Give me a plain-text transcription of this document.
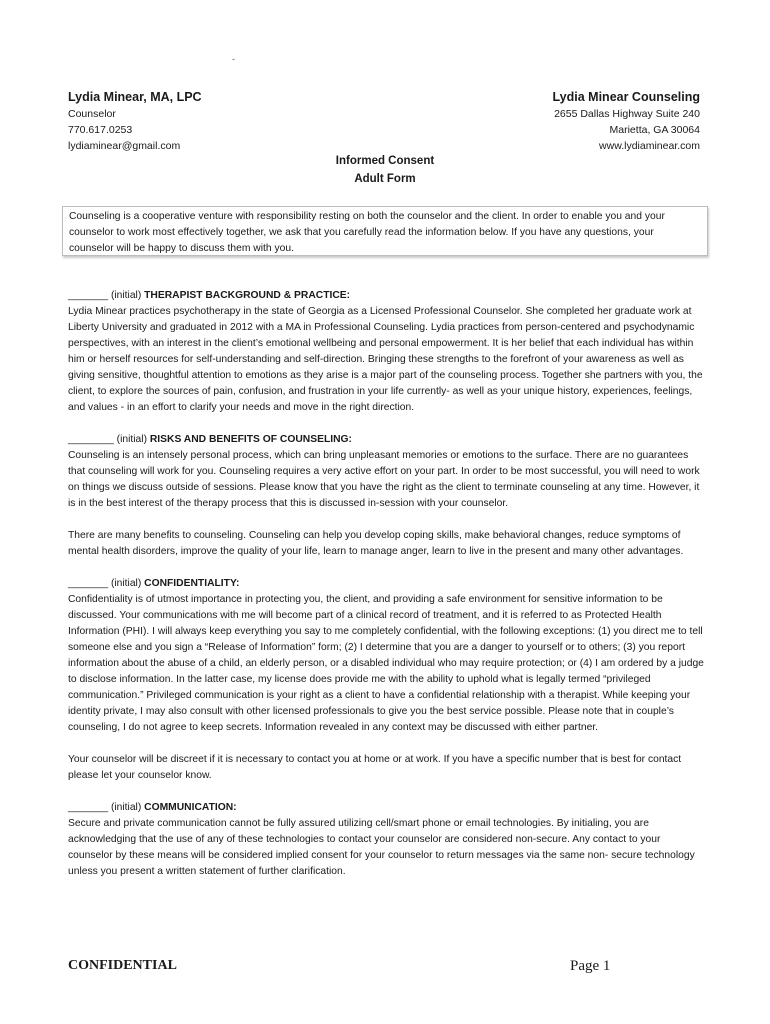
-
Lydia Minear, MA, LPC
Counselor
770.617.0253
lydiaminear@gmail.com
Lydia Minear Counseling
2655 Dallas Highway Suite 240
Marietta, GA 30064
www.lydiaminear.com
Informed Consent
Adult Form
Counseling is a cooperative venture with responsibility resting on both the counselor and the client. In order to enable you and your counselor to work most effectively together, we ask that you carefully read the information below. If you have any questions, your counselor will be happy to discuss them with you.
_______ (initial) THERAPIST BACKGROUND & PRACTICE:

Lydia Minear practices psychotherapy in the state of Georgia as a Licensed Professional Counselor. She completed her graduate work at Liberty University and graduated in 2012 with a MA in Professional Counseling. Lydia practices from person-centered and psychodynamic perspectives, with an interest in the client’s emotional wellbeing and personal empowerment. It is her belief that each individual has within him or herself resources for self-understanding and self-direction. Bringing these strengths to the forefront of your awareness as well as giving sensitive, thoughtful attention to emotions as they arise is a major part of the counseling process. Together she partners with you, the client, to explore the sources of pain, confusion, and frustration in your life currently- as well as your unique history, experiences, feelings, and values - in an effort to clarify your needs and move in the right direction.

________ (initial) RISKS AND BENEFITS OF COUNSELING:

Counseling is an intensely personal process, which can bring unpleasant memories or emotions to the surface. There are no guarantees that counseling will work for you. Counseling requires a very active effort on your part. In order to be most successful, you will need to work on things we discuss outside of sessions. Please know that you have the right as the client to terminate counseling at any time. However, it is in the best interest of the therapy process that this is discussed in-session with your counselor.

There are many benefits to counseling. Counseling can help you develop coping skills, make behavioral changes, reduce symptoms of mental health disorders, improve the quality of your life, learn to manage anger, learn to live in the present and many other advantages.

_______ (initial) CONFIDENTIALITY:

Confidentiality is of utmost importance in protecting you, the client, and providing a safe environment for sensitive information to be discussed. Your communications with me will become part of a clinical record of treatment, and it is referred to as Protected Health Information (PHI). I will always keep everything you say to me completely confidential, with the following exceptions: (1) you direct me to tell someone else and you sign a “Release of Information” form; (2) I determine that you are a danger to yourself or to others; (3) you report information about the abuse of a child, an elderly person, or a disabled individual who may require protection; or (4) I am ordered by a judge to disclose information. In the latter case, my license does provide me with the ability to uphold what is legally termed “privileged communication.” Privileged communication is your right as a client to have a confidential relationship with a therapist. While keeping your identity private, I may also consult with other licensed professionals to give you the best service possible. Please note that in couple’s counseling, I do not agree to keep secrets. Information revealed in any context may be discussed with either partner.

Your counselor will be discreet if it is necessary to contact you at home or at work. If you have a specific number that is best for contact please let your counselor know.

_______ (initial) COMMUNICATION:

Secure and private communication cannot be fully assured utilizing cell/smart phone or email technologies. By initialing, you are acknowledging that the use of any of these technologies to contact your counselor are considered non-secure. Any contact to your counselor by these means will be considered implied consent for your counselor to return messages via the same non- secure technology unless you present a written statement of further clarification.

CONFIDENTIAL	Page 1
